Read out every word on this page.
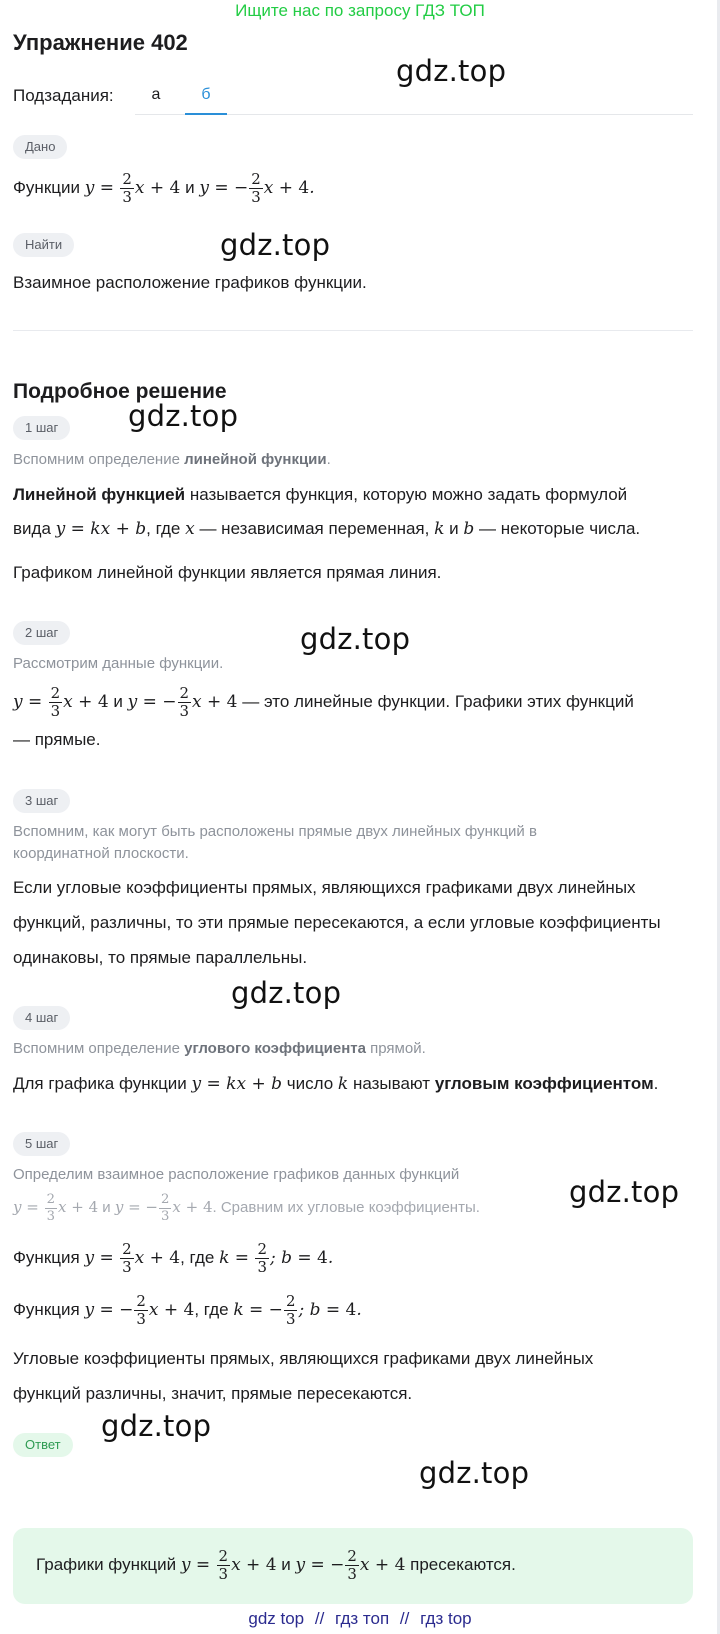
Ищите нас по запросу ГДЗ ТОП
gdz.top
gdz.top
gdz.top
gdz.top
gdz.top
gdz.top
gdz.top
gdz.top
Упражнение 402
Подзадания:	а	б
Дано
Функции $y = \frac{2}{3}$ x + 4 и y = − $\frac{2}{3}$ x + 4.
Найти
Взаимное расположение графиков функции.
Подробное решение
1 шаг
Вспомним определение линейной функции.
Линейной функцией называется функция, которую можно задать формулой
вида y = kx + b, где x — независимая переменная, k и b — некоторые числа.
Графиком линейной функции является прямая линия.
2 шаг
Рассмотрим данные функции.
$y = \frac{2}{3}$ x + 4 и y = − $\frac{2}{3}$ x + 4 — это линейные функции. Графики этих функций
— прямые.
3 шаг
Вспомним, как могут быть расположены прямые двух линейных функций в координатной плоскости.
Если угловые коэффициенты прямых, являющихся графиками двух линейных функций, различны, то эти прямые пересекаются, а если угловые коэффициенты одинаковы, то прямые параллельны.
4 шаг
Вспомним определение углового коэффициента прямой.
Для графика функции y = kx + b число k называют угловым коэффициентом.
5 шаг
Определим взаимное расположение графиков данных функций
$y = \frac{2}{3}$ x + 4 и y = − $\frac{2}{3}$ x + 4. Сравним их угловые коэффициенты.
Функция $y = \frac{2}{3}$ x + 4, где $k = \frac{2}{3}$ ; b = 4.
Функция y = − $\frac{2}{3}$ x + 4, где k = − $\frac{2}{3}$ ; b = 4.
Угловые коэффициенты прямых, являющихся графиками двух линейных функций различны, значит, прямые пересекаются.
Ответ
Графики функций $y = \frac{2}{3}$ x + 4 и y = − $\frac{2}{3}$ x + 4 пресекаются.
gdz top // гдз топ // гдз top
